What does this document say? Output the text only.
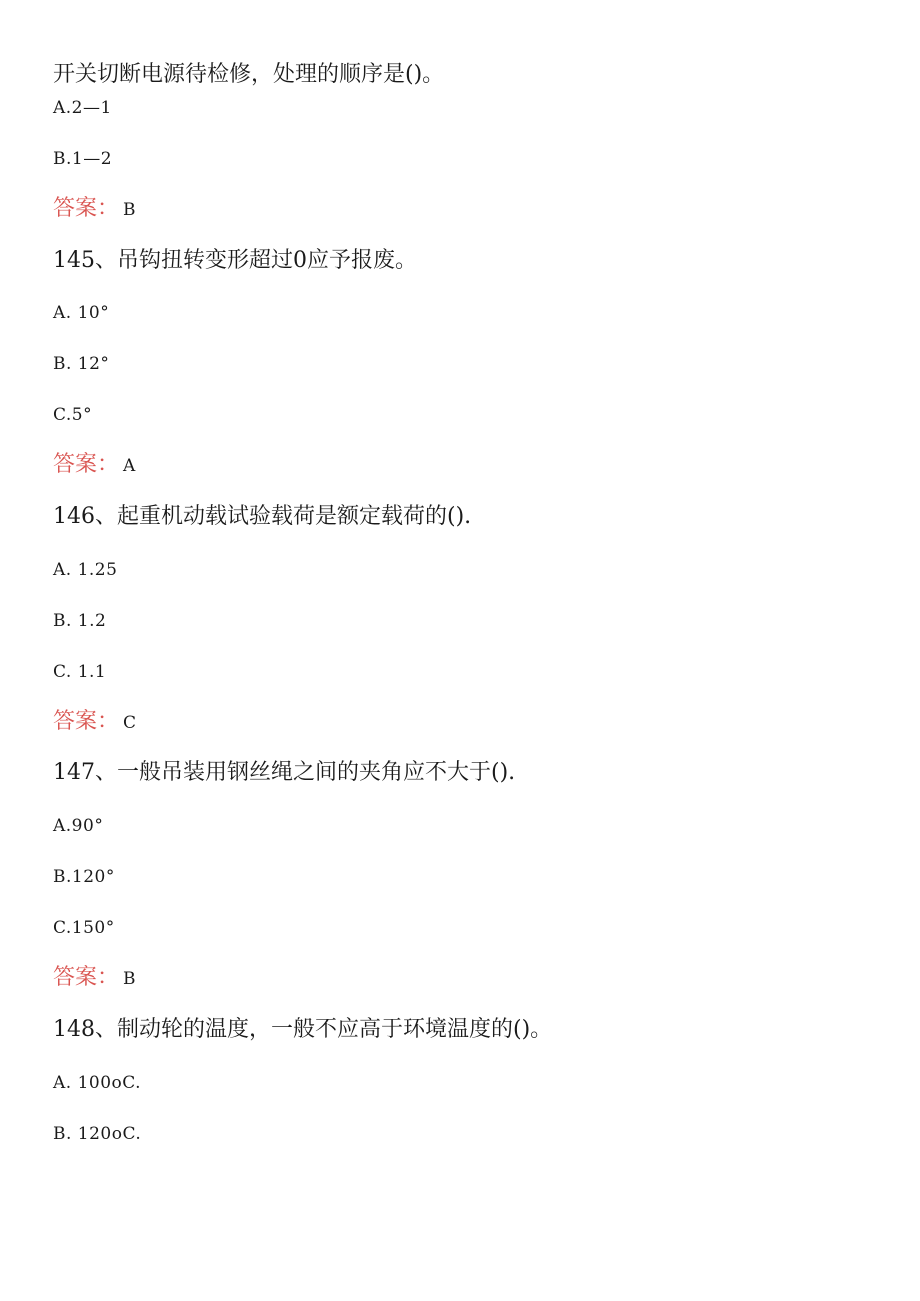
开关切断电源待检修，处理的顺序是()。
A.2—1
B.1—2
答案： B
145、吊钩扭转变形超过0应予报废。
A. 10°
B. 12°
C.5°
答案： A
146、起重机动载试验载荷是额定载荷的().
A. 1.25
B. 1.2
C. 1.1
答案： C
147、一般吊装用钢丝绳之间的夹角应不大于().
A.90°
B.120°
C.150°
答案： B
148、制动轮的温度，一般不应高于环境温度的()。
A. 100oC.
B. 120oC.
